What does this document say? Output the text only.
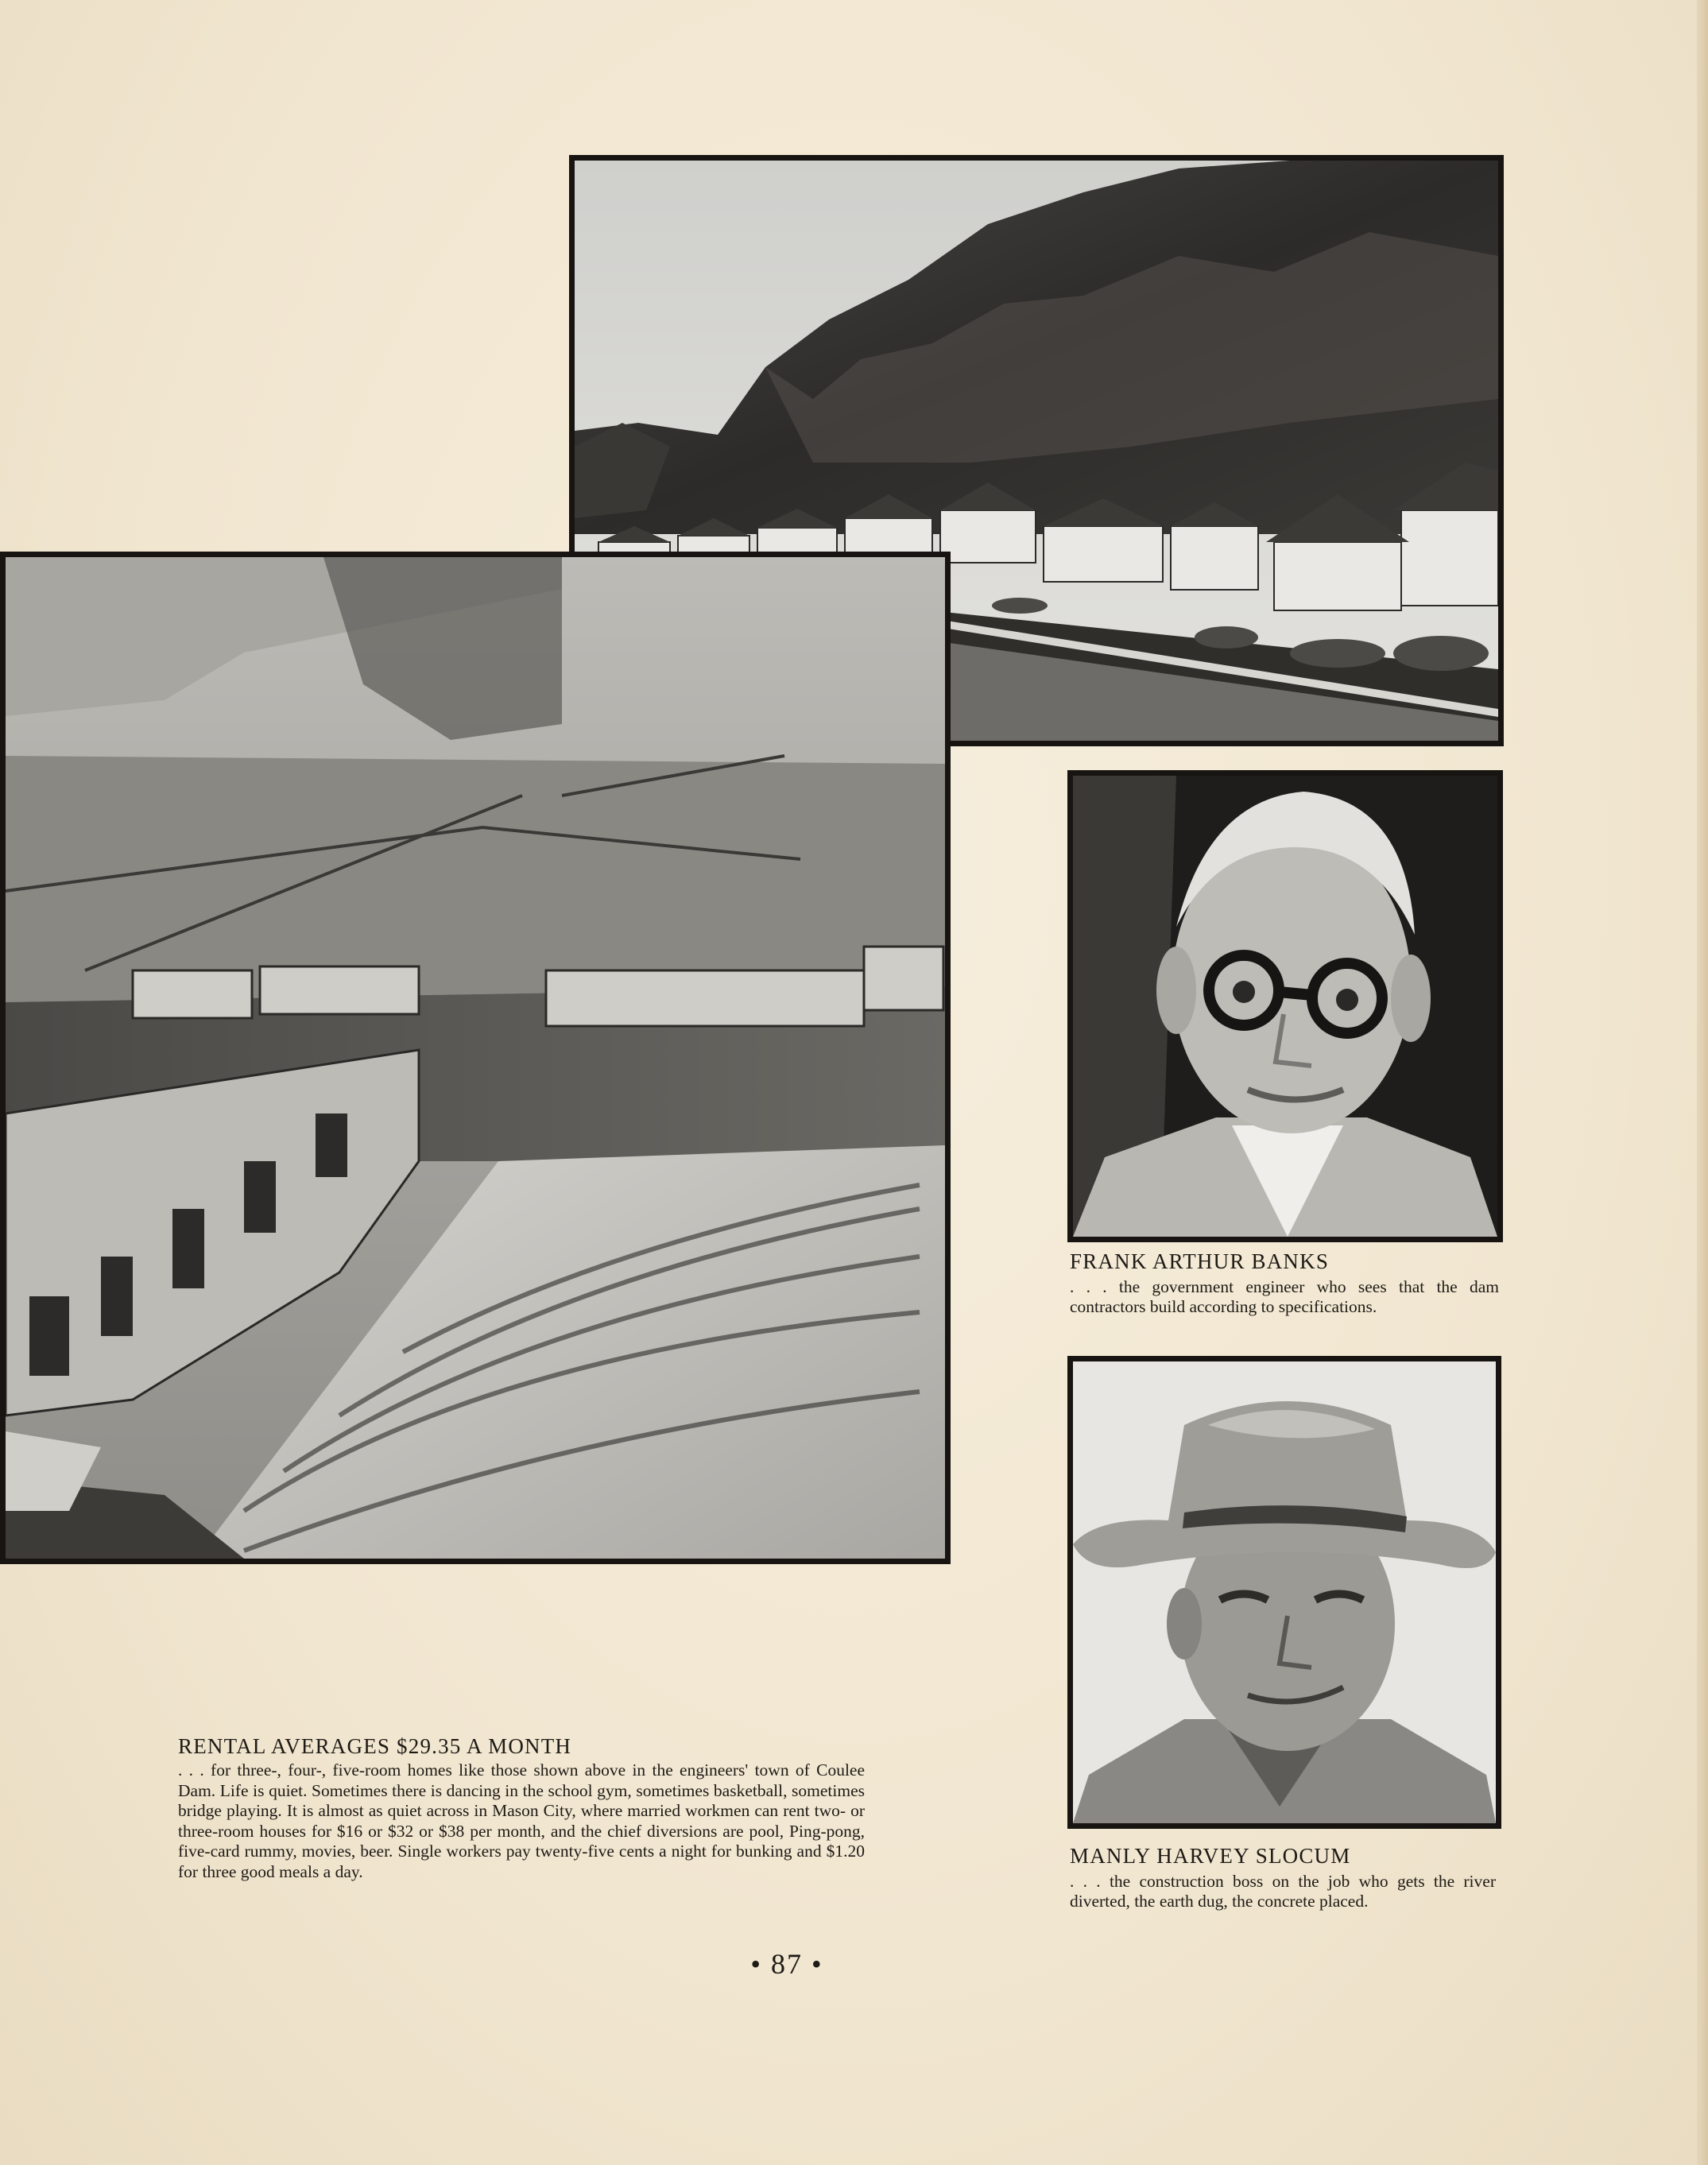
FRANK ARTHUR BANKS
. . . the government engineer who sees that the dam contractors build according to specifications.
MANLY HARVEY SLOCUM
. . . the construction boss on the job who gets the river diverted, the earth dug, the concrete placed.
RENTAL AVERAGES $29.35 A MONTH
. . . for three-, four-, five-room homes like those shown above in the engineers' town of Coulee Dam. Life is quiet. Sometimes there is dancing in the school gym, sometimes basketball, sometimes bridge playing. It is almost as quiet across in Mason City, where married workmen can rent two- or three-room houses for $16 or $32 or $38 per month, and the chief diversions are pool, Ping-pong, five-card rummy, movies, beer. Single workers pay twenty-five cents a night for bunking and $1.20 for three good meals a day.
• 87 •
